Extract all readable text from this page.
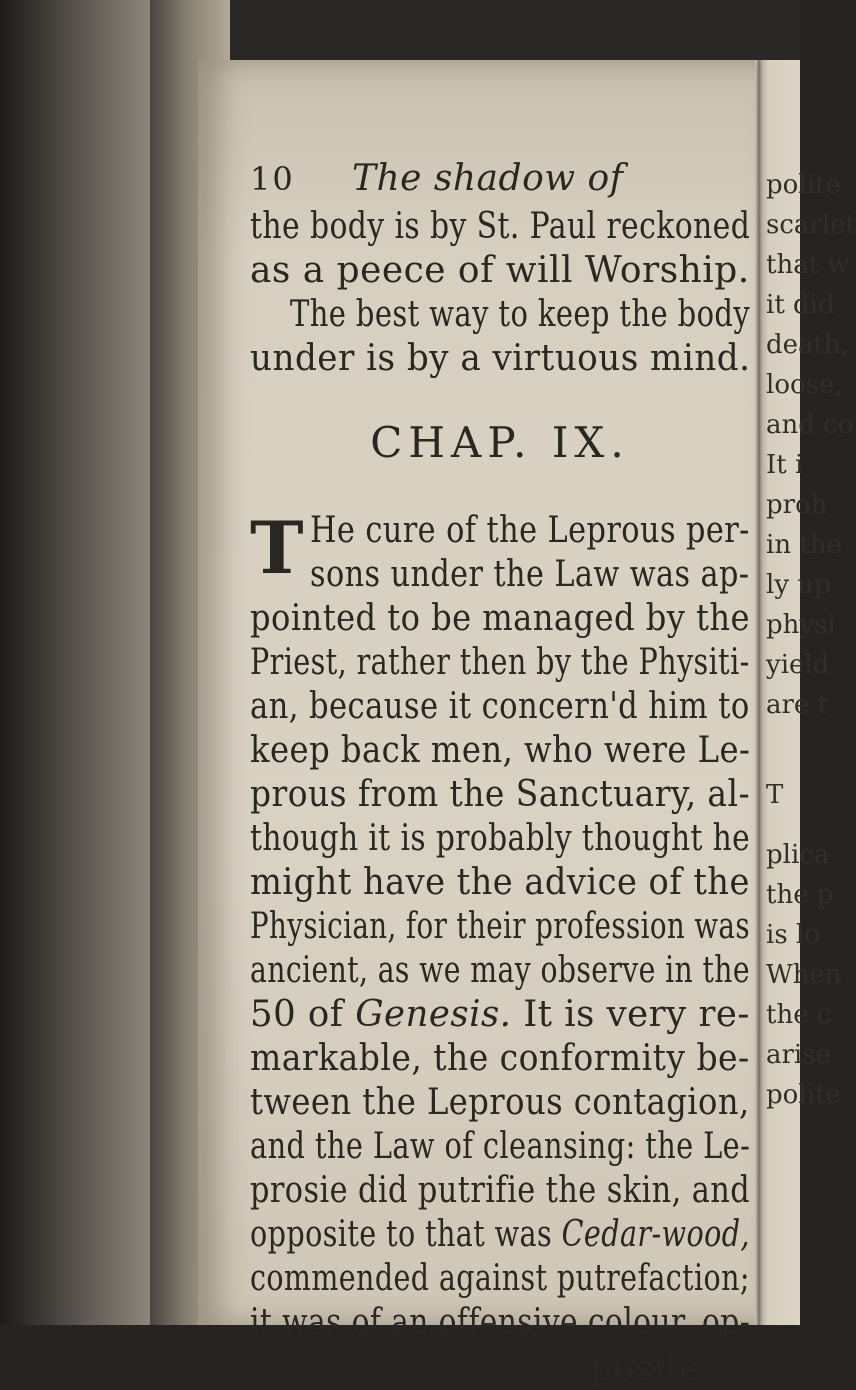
polite
scarlet
that w
it did
death,
loose,
and co
It i
proh
in the
ly up
physi
yield
are t
T
plica
the p
is lo
When
the c
arise
polite
10 The shadow of
the body is by St. Paul reckoned
as a peece of will Worship.
The best way to keep the body
under is by a virtuous mind.
CHAP. IX.
T He cure of the Leprous per-
sons under the Law was ap-
pointed to be managed by the
Priest, rather then by the Physiti-
an, because it concern'd him to
keep back men, who were Le-
prous from the Sanctuary, al-
though it is probably thought he
might have the advice of the
Physician, for their profession was
ancient, as we may observe in the
50 of Genesis. It is very re-
markable, the conformity be-
tween the Leprous contagion,
and the Law of cleansing: the Le-
prosie did putrifie the skin, and
opposite to that was Cedar-wood,
commended against putrefaction;
it was of an offensive colour, op-
posite
